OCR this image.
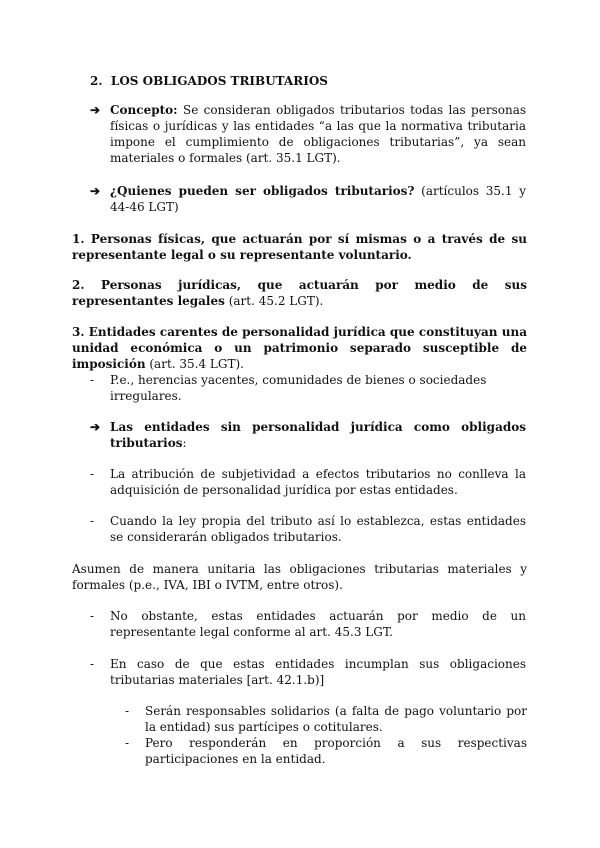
2. LOS OBLIGADOS TRIBUTARIOS
➔ Concepto: Se consideran obligados tributarios todas las personas físicas o jurídicas y las entidades “a las que la normativa tributaria impone el cumplimiento de obligaciones tributarias”, ya sean materiales o formales (art. 35.1 LGT).
➔ ¿Quienes pueden ser obligados tributarios? (artículos 35.1 y 44-46 LGT)
1. Personas físicas, que actuarán por sí mismas o a través de su representante legal o su representante voluntario.
2. Personas jurídicas, que actuarán por medio de sus representantes legales (art. 45.2 LGT).
3. Entidades carentes de personalidad jurídica que constituyan una unidad económica o un patrimonio separado susceptible de imposición (art. 35.4 LGT).
-	P.e., herencias yacentes, comunidades de bienes o sociedades irregulares.
➔ Las entidades sin personalidad jurídica como obligados tributarios:
-	La atribución de subjetividad a efectos tributarios no conlleva la adquisición de personalidad jurídica por estas entidades.
-	Cuando la ley propia del tributo así lo establezca, estas entidades se considerarán obligados tributarios.
Asumen de manera unitaria las obligaciones tributarias materiales y formales (p.e., IVA, IBI o IVTM, entre otros).
-	No obstante, estas entidades actuarán por medio de un representante legal conforme al art. 45.3 LGT.
-	En caso de que estas entidades incumplan sus obligaciones tributarias materiales [art. 42.1.b)]
-	Serán responsables solidarios (a falta de pago voluntario por la entidad) sus partícipes o cotitulares.
-	Pero responderán en proporción a sus respectivas participaciones en la entidad.
